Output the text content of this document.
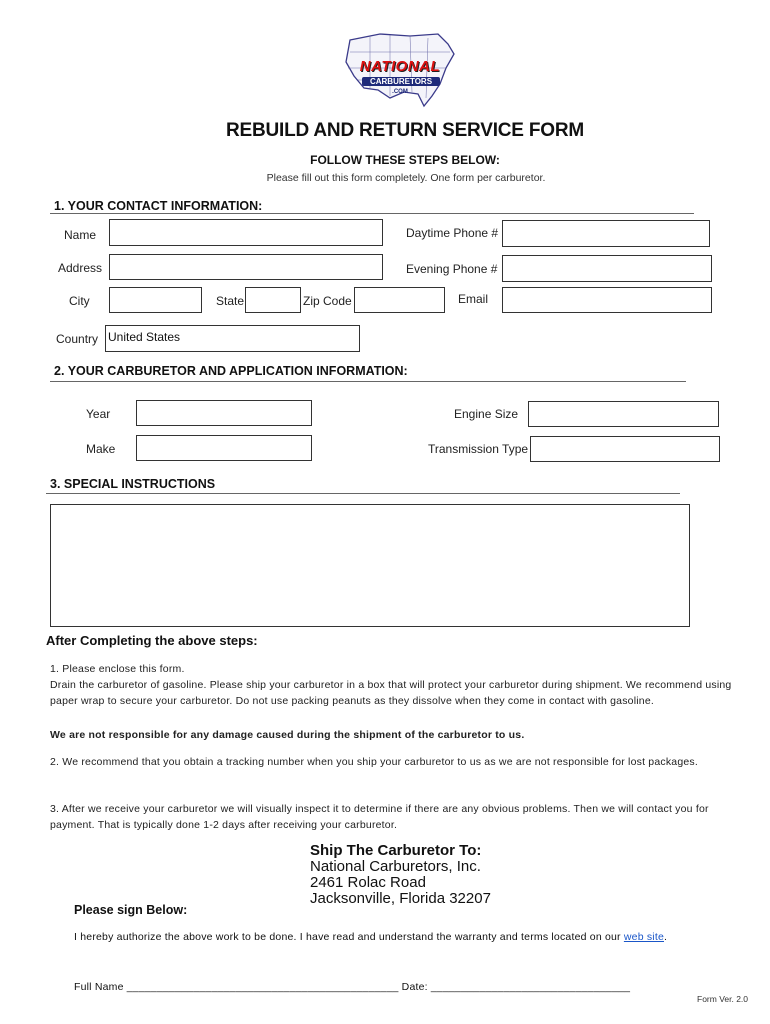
NATIONAL
CARBURETORS
.COM
REBUILD AND RETURN SERVICE FORM
FOLLOW THESE STEPS BELOW:
Please fill out this form completely. One form per carburetor.
1. YOUR CONTACT INFORMATION:
Name	Daytime Phone #
Address	Evening Phone #
City	State	Zip Code	Email
Country United States
2. YOUR CARBURETOR AND APPLICATION INFORMATION:
Year	Engine Size
Make	Transmission Type
3. SPECIAL INSTRUCTIONS
After Completing the above steps:
1. Please enclose this form.
Drain the carburetor of gasoline. Please ship your carburetor in a box that will protect your carburetor during shipment. We recommend using paper wrap to secure your carburetor. Do not use packing peanuts as they dissolve when they come in contact with gasoline.
We are not responsible for any damage caused during the shipment of the carburetor to us.
2. We recommend that you obtain a tracking number when you ship your carburetor to us as we are not responsible for lost packages.
3. After we receive your carburetor we will visually inspect it to determine if there are any obvious problems. Then we will contact you for payment. That is typically done 1-2 days after receiving your carburetor.
Ship The Carburetor To:
National Carburetors, Inc.
2461 Rolac Road
Jacksonville, Florida 32207
Please sign Below:
I hereby authorize the above work to be done. I have read and understand the warranty and terms located on our web site.
Full Name _____________________________________________ Date: _________________________________
Form Ver. 2.0
